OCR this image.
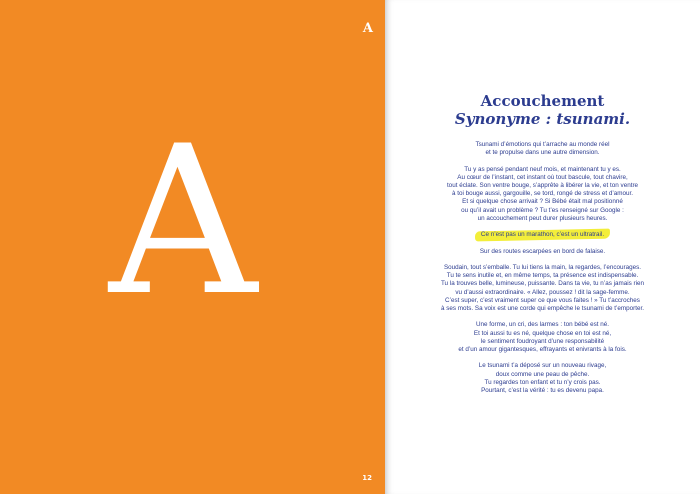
A
A
12
Accouchement
Synonyme : tsunami.
Tsunami d’émotions qui t’arrache au monde réel
et te propulse dans une autre dimension.
Tu y as pensé pendant neuf mois, et maintenant tu y es.
Au cœur de l’instant, cet instant où tout bascule, tout chavire,
tout éclate. Son ventre bouge, s’apprête à libérer la vie, et ton ventre
à toi bouge aussi, gargouille, se tord, rongé de stress et d’amour.
Et si quelque chose arrivait ? Si Bébé était mal positionné
ou qu’il avait un problème ? Tu t’es renseigné sur Google :
un accouchement peut durer plusieurs heures.
Ce n’est pas un marathon, c’est un ultratrail.
Sur des routes escarpées en bord de falaise.
Soudain, tout s’emballe. Tu lui tiens la main, la regardes, l’encourages.
Tu te sens inutile et, en même temps, ta présence est indispensable.
Tu la trouves belle, lumineuse, puissante. Dans ta vie, tu n’as jamais rien
vu d’aussi extraordinaire. « Allez, poussez ! dit la sage-femme.
C’est super, c’est vraiment super ce que vous faites ! » Tu t’accroches
à ses mots. Sa voix est une corde qui empêche le tsunami de t’emporter.
Une forme, un cri, des larmes : ton bébé est né.
Et toi aussi tu es né, quelque chose en toi est né,
le sentiment foudroyant d’une responsabilité
et d’un amour gigantesques, effrayants et enivrants à la fois.
Le tsunami t’a déposé sur un nouveau rivage,
doux comme une peau de pêche.
Tu regardes ton enfant et tu n’y crois pas.
Pourtant, c’est la vérité : tu es devenu papa.
